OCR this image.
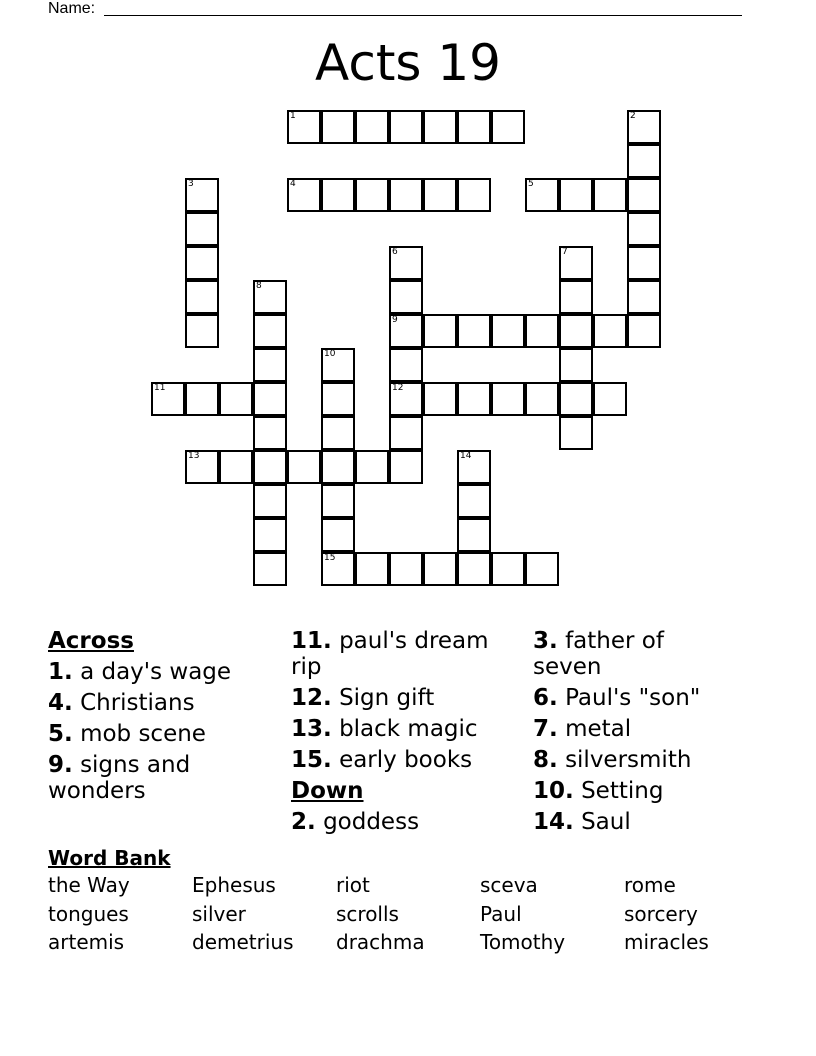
Name:
Acts 19
1	2
3	4	5
6
9
12
7
8
10
15
11
13	14
Across
1. a day's wage
4. Christians
5. mob scene
9. signs and wonders
11. paul's dream rip
12. Sign gift
13. black magic
15. early books
Down
2. goddess
3. father of seven
6. Paul's "son"
7. metal
8. silversmith
10. Setting
14. Saul
Word Bank
the Way	Ephesus	riot	sceva	rome
tongues	silver	scrolls	Paul	sorcery
artemis	demetrius	drachma	Tomothy	miracles
